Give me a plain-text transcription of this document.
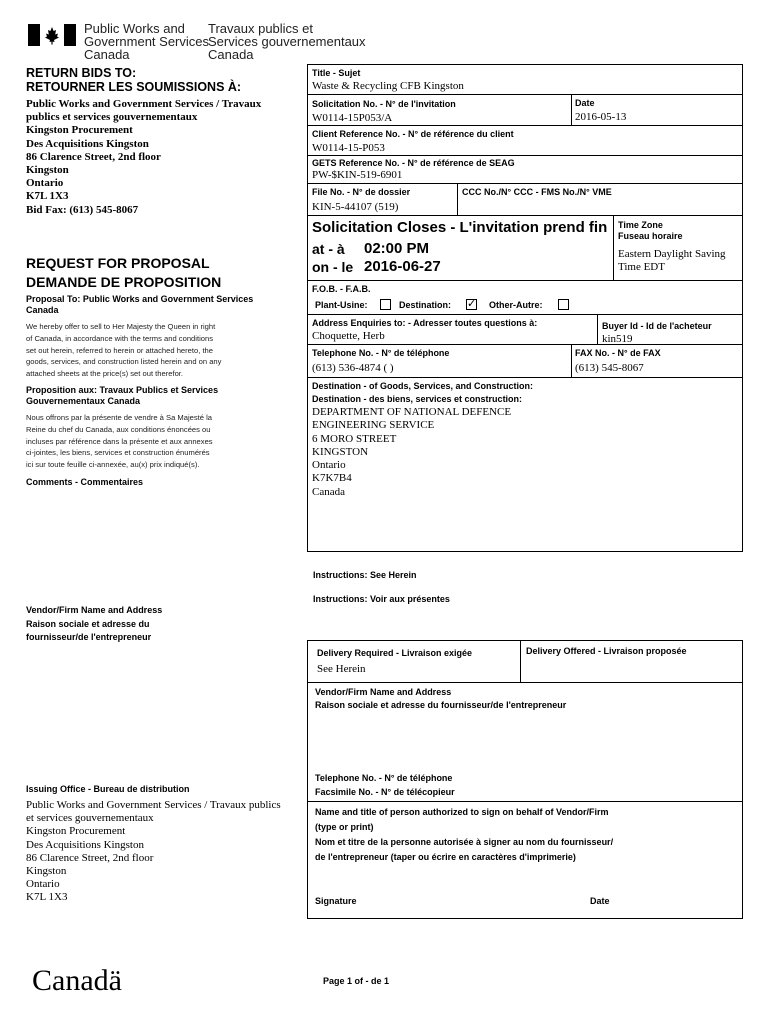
Public Works and
Government Services
Canada
Travaux publics et
Services gouvernementaux
Canada
RETURN BIDS TO:
RETOURNER LES SOUMISSIONS À:
Public Works and Government Services / Travaux
publics et services gouvernementaux
Kingston Procurement
Des Acquisitions Kingston
86 Clarence Street, 2nd floor
Kingston
Ontario
K7L 1X3
Bid Fax: (613) 545-8067
REQUEST FOR PROPOSAL
DEMANDE DE PROPOSITION
Proposal To: Public Works and Government Services Canada
We hereby offer to sell to Her Majesty the Queen in right
of Canada, in accordance with the terms and conditions
set out herein, referred to herein or attached hereto, the
goods, services, and construction listed herein and on any
attached sheets at the price(s) set out therefor.
Proposition aux: Travaux Publics et Services Gouvernementaux Canada
Nous offrons par la présente de vendre à Sa Majesté la
Reine du chef du Canada, aux conditions énoncées ou
incluses par référence dans la présente et aux annexes
ci-jointes, les biens, services et construction énumérés
ici sur toute feuille ci-annexée, au(x) prix indiqué(s).
Comments - Commentaires
Vendor/Firm Name and Address
Raison sociale et adresse du
fournisseur/de l'entrepreneur
Issuing Office - Bureau de distribution
Public Works and Government Services / Travaux publics
et services gouvernementaux
Kingston Procurement
Des Acquisitions Kingston
86 Clarence Street, 2nd floor
Kingston
Ontario
K7L 1X3
Canadä
Title - Sujet
Waste & Recycling CFB Kingston
Solicitation No. - N° de l'invitation
W0114-15P053/A
Date
2016-05-13
Client Reference No. - N° de référence du client
W0114-15-P053
GETS Reference No. - N° de référence de SEAG
PW-$KIN-519-6901
File No. - N° de dossier
KIN-5-44107 (519)
CCC No./N° CCC - FMS No./N° VME
Solicitation Closes - L'invitation prend fin
at - à 02:00 PM
on - le 2016-06-27
Time Zone
Fuseau horaire
Eastern Daylight Saving
Time EDT
F.O.B. - F.A.B.
Plant-Usine:	Destination: ✓ Other-Autre:
Address Enquiries to: - Adresser toutes questions à:
Choquette, Herb
Buyer Id - Id de l'acheteur
kin519
Telephone No. - N° de téléphone
(613) 536-4874 ( )
FAX No. - N° de FAX
(613) 545-8067
Destination - of Goods, Services, and Construction:
Destination - des biens, services et construction:
DEPARTMENT OF NATIONAL DEFENCE
ENGINEERING SERVICE
6 MORO STREET
KINGSTON
Ontario
K7K7B4
Canada
Instructions: See Herein
Instructions: Voir aux présentes
Delivery Required - Livraison exigée
See Herein
Delivery Offered - Livraison proposée
Vendor/Firm Name and Address
Raison sociale et adresse du fournisseur/de l'entrepreneur
Telephone No. - N° de téléphone
Facsimile No. - N° de télécopieur
Name and title of person authorized to sign on behalf of Vendor/Firm
(type or print)
Nom et titre de la personne autorisée à signer au nom du fournisseur/
de l'entrepreneur (taper ou écrire en caractères d'imprimerie)
Signature	Date
Page 1 of - de 1
